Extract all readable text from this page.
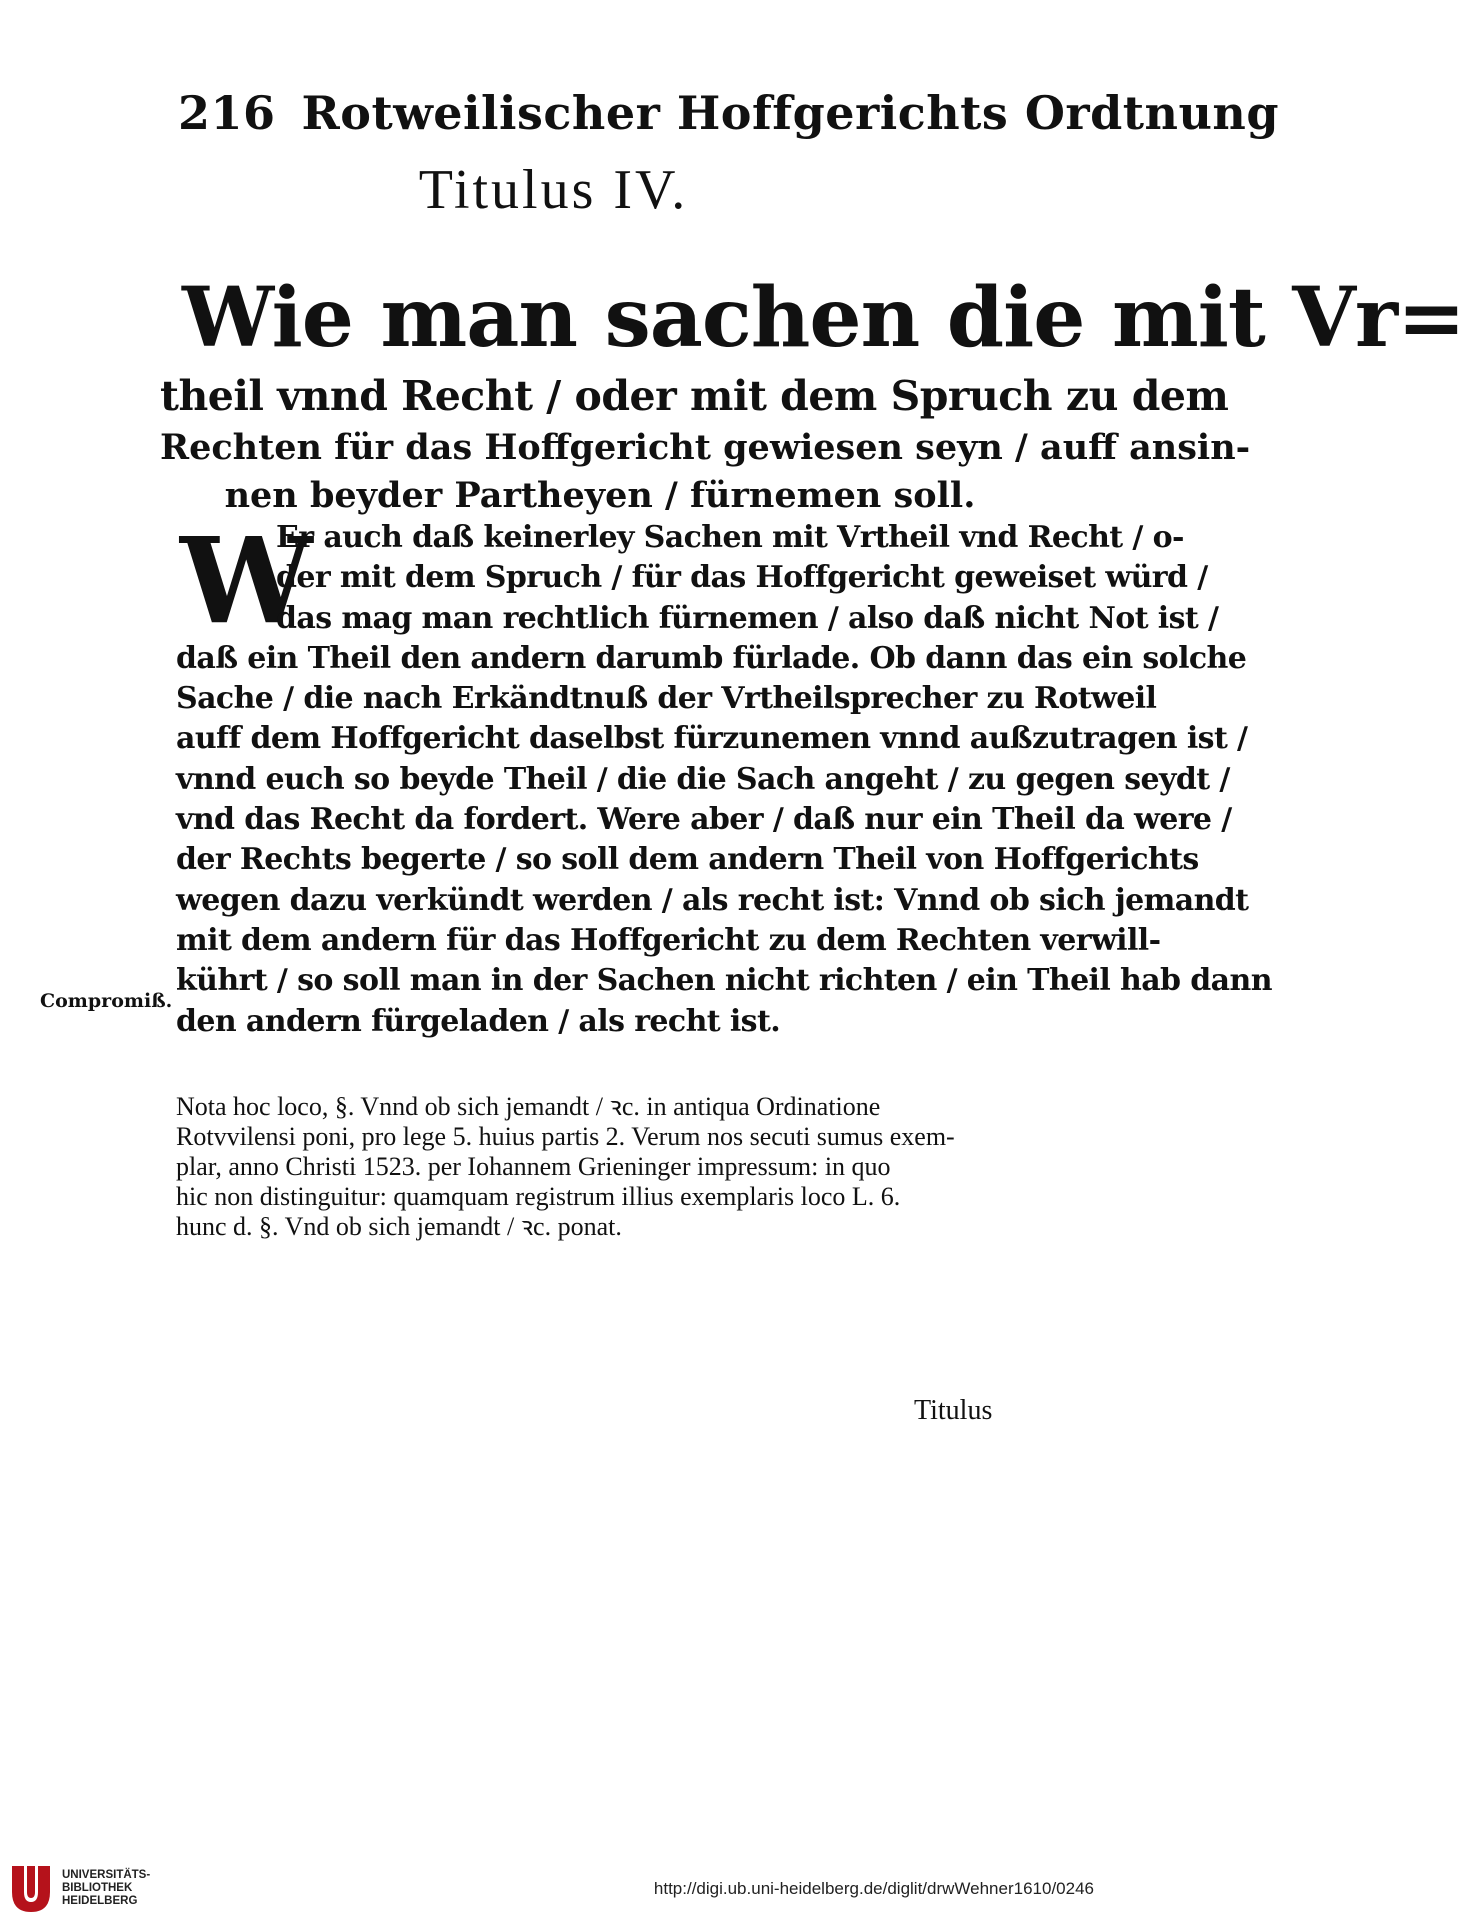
216 Rotweilischer Hoffgerichts Ordtnung
Titulus IV.
Wie man sachen die mit Vr=
theil vnnd Recht / oder mit dem Spruch zu dem
Rechten für das Hoffgericht gewiesen seyn / auff ansin-
nen beyder Partheyen / fürnemen soll.
W
Er auch daß keinerley Sachen mit Vrtheil vnd Recht / o-
der mit dem Spruch / für das Hoffgericht geweiset würd /
das mag man rechtlich fürnemen / also daß nicht Not ist /
daß ein Theil den andern darumb fürlade. Ob dann das ein solche
Sache / die nach Erkändtnuß der Vrtheilsprecher zu Rotweil
auff dem Hoffgericht daselbst fürzunemen vnnd außzutragen ist /
vnnd euch so beyde Theil / die die Sach angeht / zu gegen seydt /
vnd das Recht da fordert. Were aber / daß nur ein Theil da were /
der Rechts begerte / so soll dem andern Theil von Hoffgerichts
wegen dazu verkündt werden / als recht ist: Vnnd ob sich jemandt
mit dem andern für das Hoffgericht zu dem Rechten verwill-
kührt / so soll man in der Sachen nicht richten / ein Theil hab dann
den andern fürgeladen / als recht ist.
Compromiß.
Nota hoc loco, §. Vnnd ob sich jemandt / ꝛc. in antiqua Ordinatione
Rotvvilensi poni, pro lege 5. huius partis 2. Verum nos secuti sumus exem-
plar, anno Christi 1523. per Iohannem Grieninger impressum: in quo
hic non distinguitur: quamquam registrum illius exemplaris loco L. 6.
hunc d. §. Vnd ob sich jemandt / ꝛc. ponat.
Titulus
UNIVERSITÄTS-
BIBLIOTHEK
HEIDELBERG
http://digi.ub.uni-heidelberg.de/diglit/drwWehner1610/0246
